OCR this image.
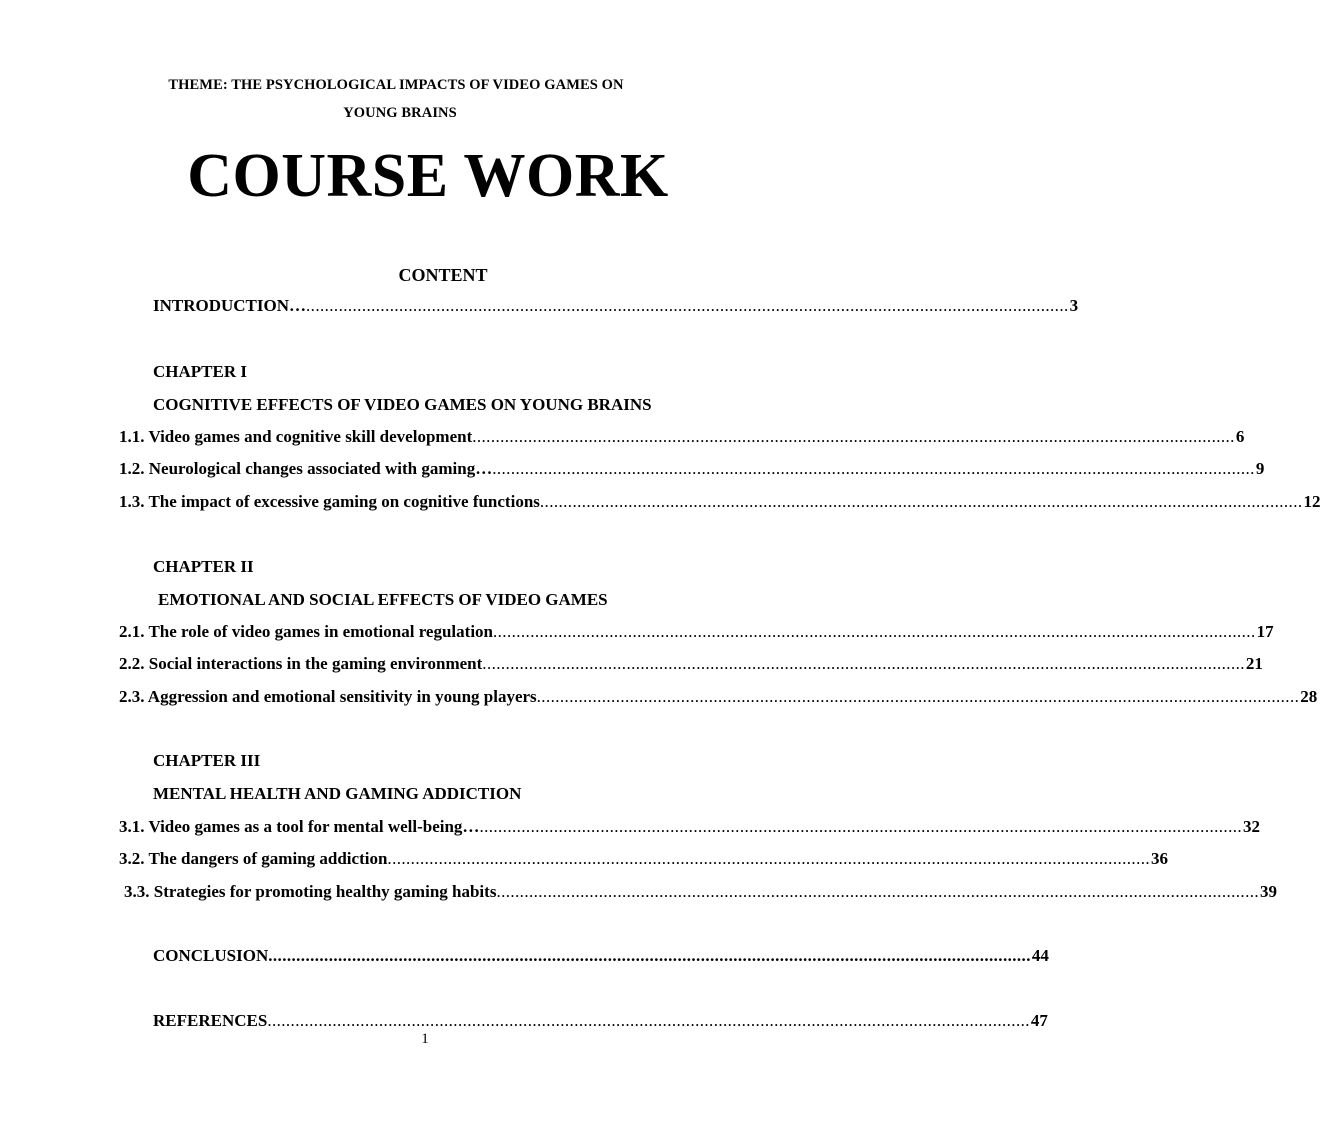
THEME: THE PSYCHOLOGICAL IMPACTS OF VIDEO GAMES ON
YOUNG BRAINS
COURSE WORK
CONTENT
INTRODUCTION… .................................................................................................................................................................... 3
CHAPTER I
COGNITIVE EFFECTS OF VIDEO GAMES ON YOUNG BRAINS
1.1. Video games and cognitive skill development .................................................................................................................................................................... 6
1.2. Neurological changes associated with gaming… .................................................................................................................................................................... 9
1.3. The impact of excessive gaming on cognitive functions .................................................................................................................................................................... 12
CHAPTER II
EMOTIONAL AND SOCIAL EFFECTS OF VIDEO GAMES
2.1. The role of video games in emotional regulation .................................................................................................................................................................... 17
2.2. Social interactions in the gaming environment .................................................................................................................................................................... 21
2.3. Aggression and emotional sensitivity in young players .................................................................................................................................................................... 28
CHAPTER III
MENTAL HEALTH AND GAMING ADDICTION
3.1. Video games as a tool for mental well-being… .................................................................................................................................................................... 32
3.2. The dangers of gaming addiction .................................................................................................................................................................... 36
3.3. Strategies for promoting healthy gaming habits .................................................................................................................................................................... 39
CONCLUSION .................................................................................................................................................................... 44
REFERENCES .................................................................................................................................................................... 47
1
